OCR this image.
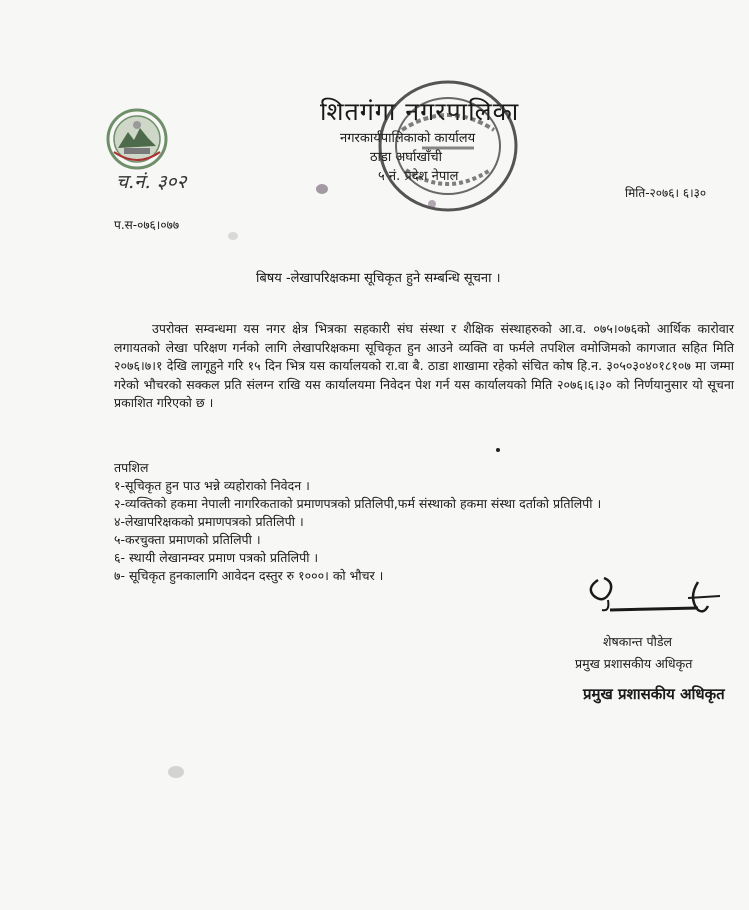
शितगंगा नगरपालिका
नगरकार्यपालिकाको कार्यालय
ठाडा अर्घाखाँची
५ नं. प्रदेश नेपाल
च.नं. ३०२	मिति-२०७६। ६।३०
प.स-०७६।०७७
बिषय -लेखापरिक्षकमा सूचिकृत हुने सम्बन्धि सूचना ।

उपरोक्त सम्वन्धमा यस नगर क्षेत्र भित्रका सहकारी संघ संस्था र शैक्षिक संस्थाहरुको आ.व. ०७५।०७६को आर्थिक कारोवार लगायतको लेखा परिक्षण गर्नको लागि लेखापरिक्षकमा सूचिकृत हुन आउने व्यक्ति वा फर्मले तपशिल वमोजिमको कागजात सहित मिति २०७६।७।१ देखि लागूहुने गरि १५ दिन भित्र यस कार्यालयको रा.वा बै. ठाडा शाखामा रहेको संचित कोष हि.न. ३०५०३०४०१८१०७ मा जम्मा गरेको भौचरको सक्कल प्रति संलग्न राखि यस कार्यालयमा निवेदन पेश गर्न यस कार्यालयको मिति २०७६।६।३० को निर्णयानुसार यो सूचना प्रकाशित गरिएको छ ।

तपशिल
१-सूचिकृत हुन पाउ भन्ने व्यहोराको निवेदन ।
२-व्यक्तिको हकमा नेपाली नागरिकताको प्रमाणपत्रको प्रतिलिपी,फर्म संस्थाको हकमा संस्था दर्ताको प्रतिलिपी ।
४-लेखापरिक्षकको प्रमाणपत्रको प्रतिलिपी ।
५-करचुक्ता प्रमाणको प्रतिलिपी ।
६- स्थायी लेखानम्वर प्रमाण पत्रको प्रतिलिपी ।
७- सूचिकृत हुनकालागि आवेदन दस्तुर रु १०००। को भौचर ।
शेषकान्त पौडेल
प्रमुख प्रशासकीय अधिकृत
प्रमुख प्रशासकीय अधिकृत
